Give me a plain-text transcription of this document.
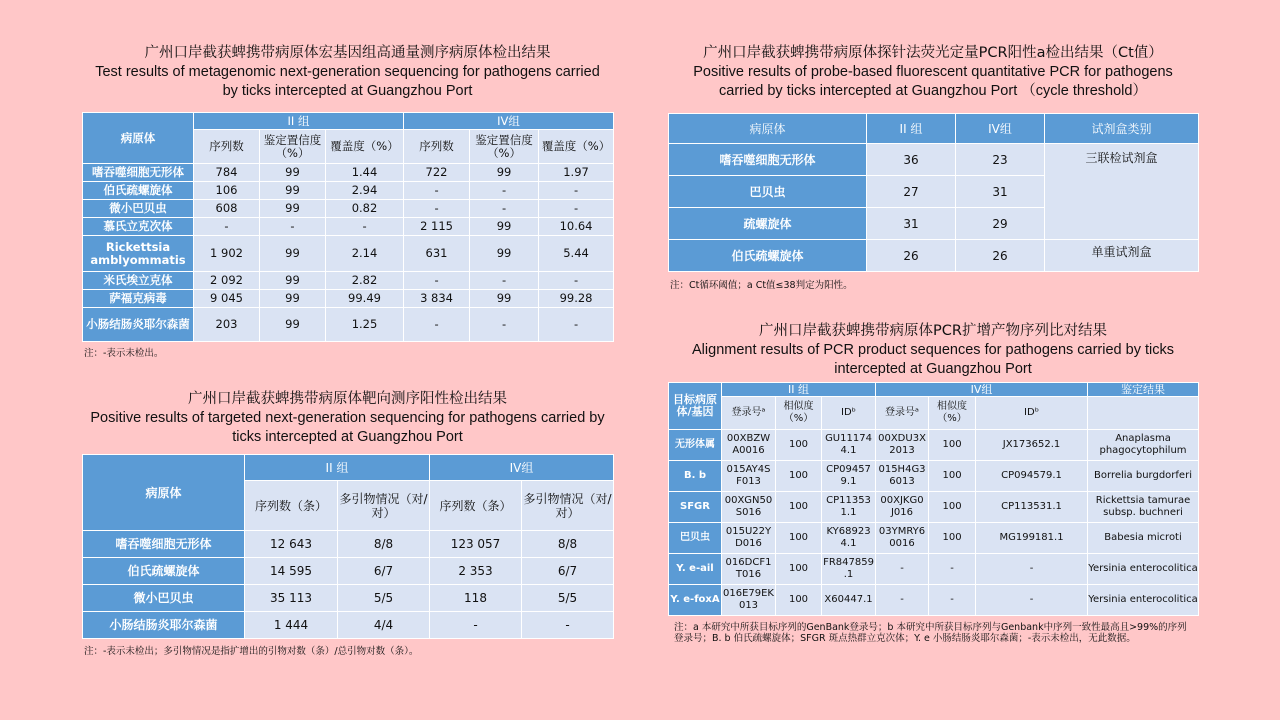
广州口岸截获蜱携带病原体宏基因组高通量测序病原体检出结果
Test results of metagenomic next-generation sequencing for pathogens carried by ticks intercepted at Guangzhou Port
病原体	II 组			IV组		
	序列数	鉴定置信度（%）	覆盖度（%）	序列数	鉴定置信度（%）	覆盖度（%）
嗜吞噬细胞无形体	784	99	1.44	722	99	1.97
伯氏疏螺旋体	106	99	2.94	-	-	-
微小巴贝虫	608	99	0.82	-	-	-
慕氏立克次体	-	-	-	2 115	99	10.64
Rickettsia amblyommatis	1 902	99	2.14	631	99	5.44
米氏埃立克体	2 092	99	2.82	-	-	-
萨福克病毒	9 045	99	99.49	3 834	99	99.28
小肠结肠炎耶尔森菌	203	99	1.25	-	-	-
注：-表示未检出。
广州口岸截获蜱携带病原体靶向测序阳性检出结果
Positive results of targeted next-generation sequencing for pathogens carried by ticks intercepted at Guangzhou Port
病原体	II 组		IV组	
	序列数（条）	多引物情况（对/对）	序列数（条）	多引物情况（对/对）
嗜吞噬细胞无形体	12 643	8/8	123 057	8/8
伯氏疏螺旋体	14 595	6/7	2 353	6/7
微小巴贝虫	35 113	5/5	118	5/5
小肠结肠炎耶尔森菌	1 444	4/4	-	-
注：-表示未检出；多引物情况是指扩增出的引物对数（条）/总引物对数（条）。
广州口岸截获蜱携带病原体探针法荧光定量PCR阳性a检出结果（Ct值）
Positive results of probe-based fluorescent quantitative PCR for pathogens carried by ticks intercepted at Guangzhou Port （cycle threshold）
病原体	II 组	IV组	试剂盒类别
嗜吞噬细胞无形体	36	23	三联检试剂盒
巴贝虫	27	31	
疏螺旋体	31	29	
伯氏疏螺旋体	26	26	单重试剂盒
注：Ct循环阈值；a Ct值≤38判定为阳性。
广州口岸截获蜱携带病原体PCR扩增产物序列比对结果
Alignment results of PCR product sequences for pathogens carried by ticks intercepted at Guangzhou Port
目标病原体/基因	II 组			IV组			鉴定结果
	登录号ᵃ	相似度（%）	IDᵇ	登录号ᵃ	相似度（%）	IDᵇ	
无形体属	00XBZW A0016	100	GU11174 4.1	00XDU3X 2013	100	JX173652.1	Anaplasma phagocytophilum
B. b	015AY4S F013	100	CP09457 9.1	015H4G3 6013	100	CP094579.1	Borrelia burgdorferi
SFGR	00XGN50 S016	100	CP11353 1.1	00XJKG0 J016	100	CP113531.1	Rickettsia tamurae subsp. buchneri
巴贝虫	015U22Y D016	100	KY68923 4.1	03YMRY6 0016	100	MG199181.1	Babesia microti
Y. e-ail	016DCF1 T016	100	FR847859 .1	-	-	-	Yersinia enterocolitica
Y. e-foxA	016E79EK 013	100	X60447.1	-	-	-	Yersinia enterocolitica
注：a 本研究中所获目标序列的GenBank登录号；b 本研究中所获目标序列与Genbank中序列一致性最高且>99%的序列登录号；B. b 伯氏疏螺旋体；SFGR 斑点热群立克次体；Y. e 小肠结肠炎耶尔森菌；-表示未检出，无此数据。
